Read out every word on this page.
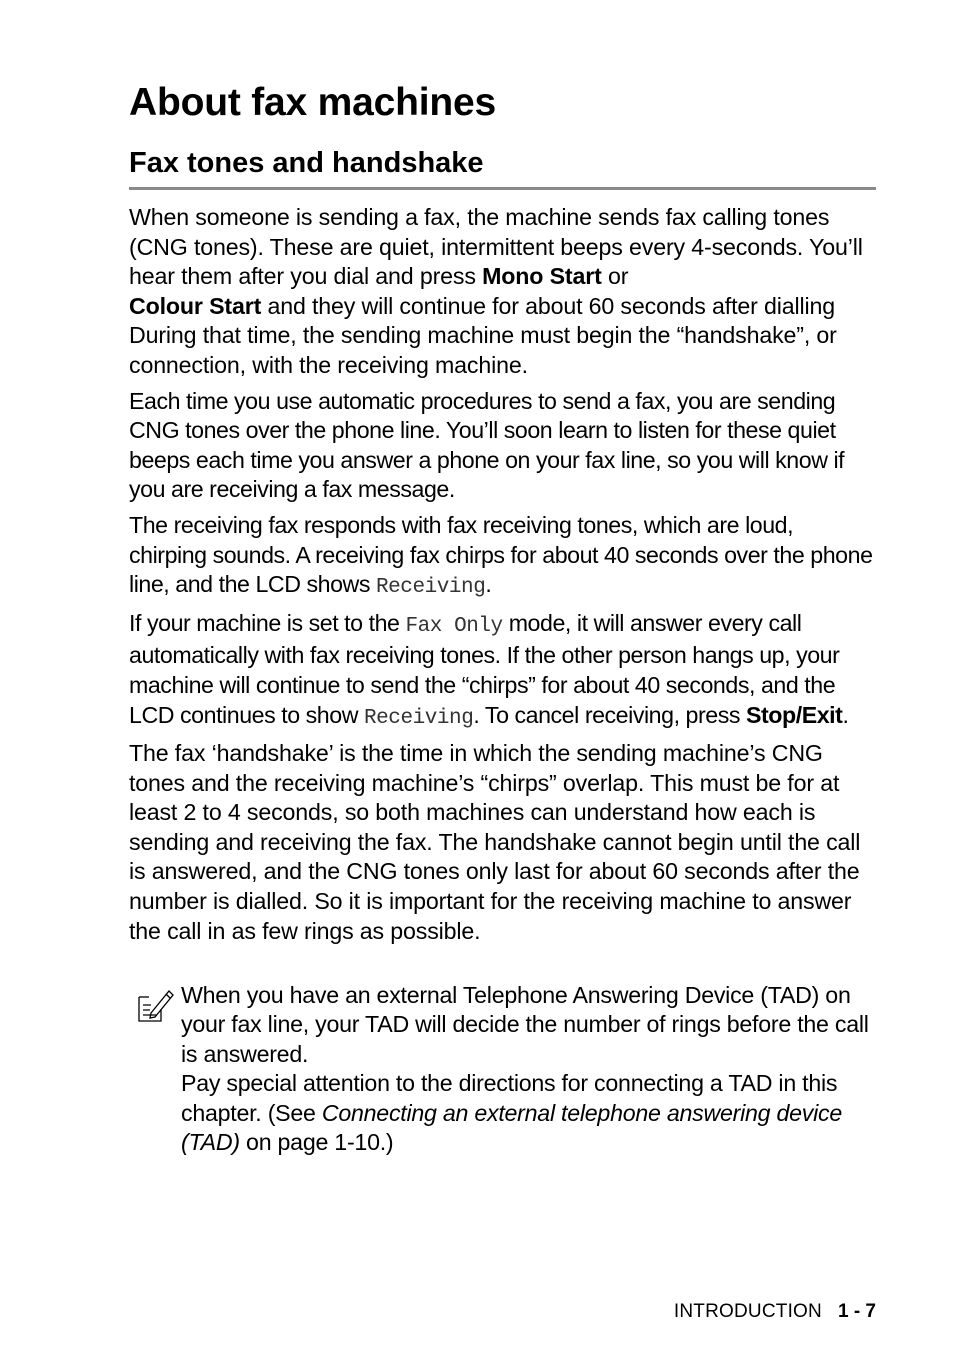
About fax machines
Fax tones and handshake

When someone is sending a fax, the machine sends fax calling tones (CNG tones). These are quiet, intermittent beeps every 4-seconds. You’ll hear them after you dial and press Mono Start or
Colour Start and they will continue for about 60 seconds after dialling During that time, the sending machine must begin the “handshake”, or connection, with the receiving machine.

Each time you use automatic procedures to send a fax, you are sending CNG tones over the phone line. You’ll soon learn to listen for these quiet beeps each time you answer a phone on your fax line, so you will know if you are receiving a fax message.

The receiving fax responds with fax receiving tones, which are loud, chirping sounds. A receiving fax chirps for about 40 seconds over the phone line, and the LCD shows Receiving.

If your machine is set to the Fax Only mode, it will answer every call automatically with fax receiving tones. If the other person hangs up, your machine will continue to send the “chirps” for about 40 seconds, and the LCD continues to show Receiving. To cancel receiving, press Stop/Exit.

The fax ‘handshake’ is the time in which the sending machine’s CNG tones and the receiving machine’s “chirps” overlap. This must be for at least 2 to 4 seconds, so both machines can understand how each is sending and receiving the fax. The handshake cannot begin until the call is answered, and the CNG tones only last for about 60 seconds after the number is dialled. So it is important for the receiving machine to answer the call in as few rings as possible.

When you have an external Telephone Answering Device (TAD) on your fax line, your TAD will decide the number of rings before the call is answered.
Pay special attention to the directions for connecting a TAD in this chapter. (See Connecting an external telephone answering device (TAD) on page 1-10.)
INTRODUCTION 1 - 7
